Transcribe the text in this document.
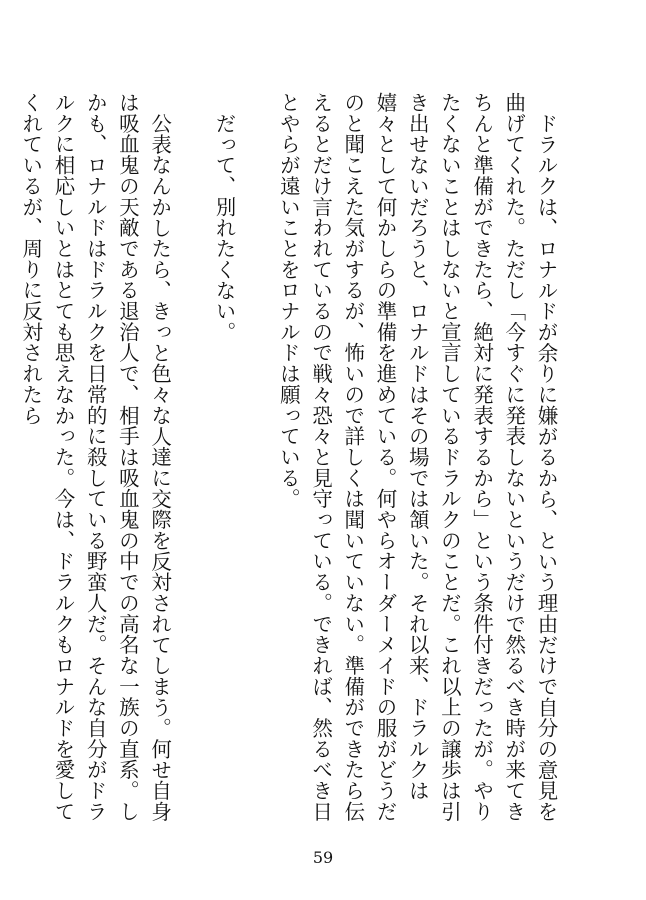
ドラルクは、ロナルドが余りに嫌がるから、という理由だけで自分の意見を曲げてくれた。ただし「今すぐに発表しないというだけで然るべき時が来てきちんと準備ができたら、絶対に発表するから」という条件付きだったが。やりたくないことはしないと宣言しているドラルクのことだ。これ以上の譲歩は引き出せないだろうと、ロナルドはその場では頷いた。それ以来、ドラルクは嬉々として何かしらの準備を進めている。何やらオーダーメイドの服がどうだのと聞こえた気がするが、怖いので詳しくは聞いていない。準備ができたら伝えるとだけ言われているので戦々恐々と見守っている。できれば、然るべき日とやらが遠いことをロナルドは願っている。

だって、別れたくない。

公表なんかしたら、きっと色々な人達に交際を反対されてしまう。何せ自身は吸血鬼の天敵である退治人で、相手は吸血鬼の中での高名な一族の直系。しかも、ロナルドはドラルクを日常的に殺している野蛮人だ。そんな自分がドラルクに相応しいとはとても思えなかった。今は、ドラルクもロナルドを愛してくれているが、周りに反対されたら

59
